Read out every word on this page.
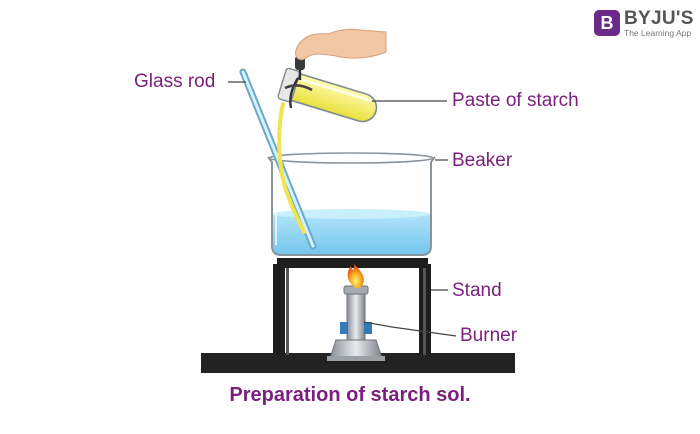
B BYJU'S
The Learning App
Glass rod
Paste of starch
Beaker
Stand
Burner
Preparation of starch sol.
